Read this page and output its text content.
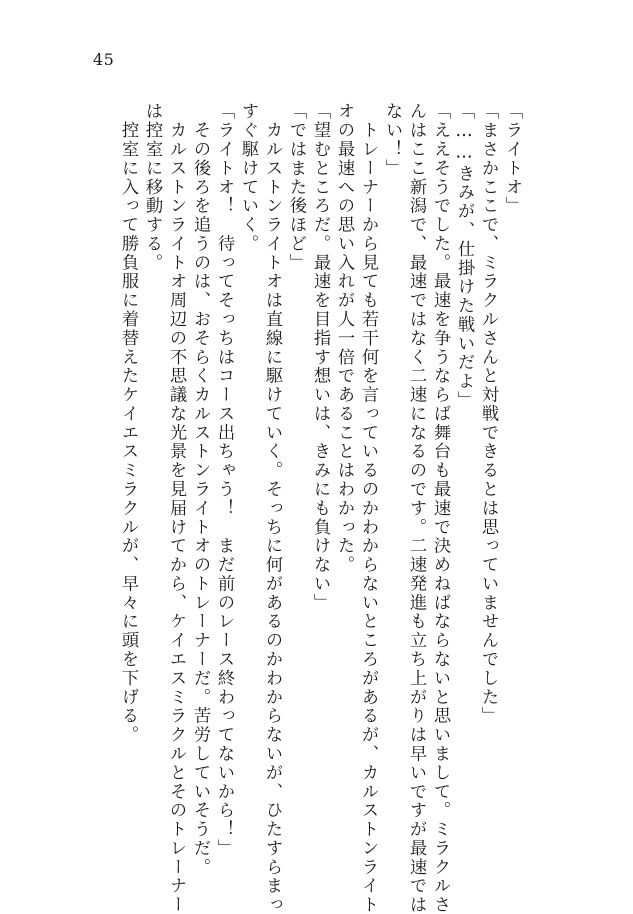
45
「ライトオ」
「まさかここで、ミラクルさんと対戦できるとは思っていませんでした」
「……きみが、仕掛けた戦いだよ」
「ええそうでした。最速を争うならば舞台も最速で決めねばならないと思いまして。ミラクルさ
んはここ新潟で、最速ではなく二速になるのです。二速発進も立ち上がりは早いですが最速では
ない！」
　トレーナーから見ても若干何を言っているのかわからないところがあるが、カルストンライト
オの最速への思い入れが人一倍であることはわかった。
「望むところだ。最速を目指す想いは、きみにも負けない」
「ではまた後ほど」
　カルストンライトオは直線に駆けていく。そっちに何があるのかわからないが、ひたすらまっ
すぐ駆けていく。
「ライトオ！　待ってそっちはコース出ちゃう！　まだ前のレース終わってないから！」
　その後ろを追うのは、おそらくカルストンライトオのトレーナーだ。苦労していそうだ。
　カルストンライトオ周辺の不思議な光景を見届けてから、ケイエスミラクルとそのトレーナー
は控室に移動する。
　控室に入って勝負服に着替えたケイエスミラクルが、早々に頭を下げる。
